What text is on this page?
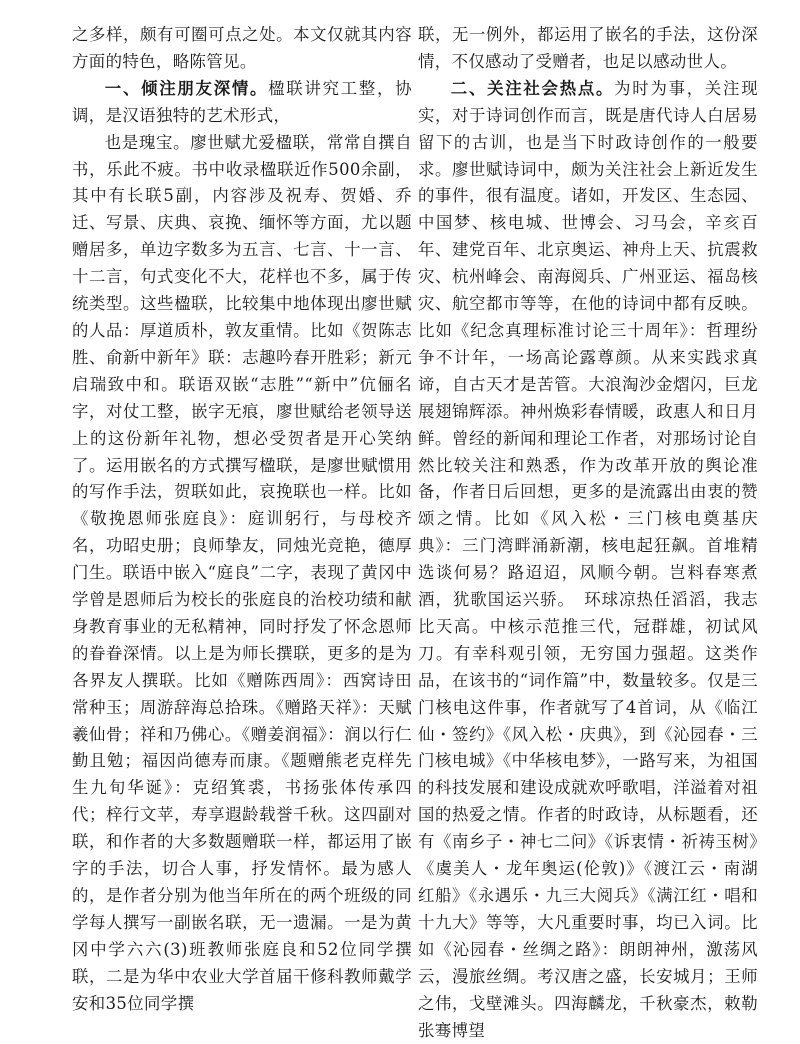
之多样，颇有可圈可点之处。本文仅就其内容方面的特色，略陈管见。

一、倾注朋友深情。楹联讲究工整，协调，是汉语独特的艺术形式，

也是瑰宝。廖世赋尤爱楹联，常常自撰自书，乐此不疲。书中收录楹联近作500余副，其中有长联5副，内容涉及祝寿、贺婚、乔迁、写景、庆典、哀挽、缅怀等方面，尤以题赠居多，单边字数多为五言、七言、十一言、十二言，句式变化不大，花样也不多，属于传统类型。这些楹联，比较集中地体现出廖世赋的人品：厚道质朴，敦友重情。比如《贺陈志胜、俞新中新年》联：志趣吟春开胜彩；新元启瑞致中和。联语双嵌“志胜”“新中”伉俪名字，对仗工整，嵌字无痕，廖世赋给老领导送上的这份新年礼物，想必受贺者是开心笑纳了。运用嵌名的方式撰写楹联，是廖世赋惯用的写作手法，贺联如此，哀挽联也一样。比如《敬挽恩师张庭良》：庭训躬行，与母校齐名，功昭史册；良师挚友，同烛光竞艳，德厚门生。联语中嵌入“庭良”二字，表现了黄冈中学曾是恩师后为校长的张庭良的治校功绩和献身教育事业的无私精神，同时抒发了怀念恩师的眷眷深情。以上是为师长撰联，更多的是为各界友人撰联。比如《赠陈西周》：西窝诗田常种玉；周游辞海总拾珠。《赠路天祥》：天赋羲仙骨；祥和乃佛心。《赠姜润福》：润以行仁勤且勉；福因尚德寿而康。《题赠熊老克样先生九旬华诞》：克绍箕裘，书扬张体传承四代；梓行文苹，寿享遐龄载誉千秋。这四副对联，和作者的大多数题赠联一样，都运用了嵌字的手法，切合人事，抒发情怀。最为感人的，是作者分别为他当年所在的两个班级的同学每人撰写一副嵌名联，无一遗漏。一是为黄冈中学六六(3)班教师张庭良和52位同学撰联，二是为华中农业大学首届干修科教师戴学安和35位同学撰

联，无一例外，都运用了嵌名的手法，这份深情，不仅感动了受赠者，也足以感动世人。

二、关注社会热点。为时为事，关注现实，对于诗词创作而言，既是唐代诗人白居易留下的古训，也是当下时政诗创作的一般要求。廖世赋诗词中，颇为关注社会上新近发生的事件，很有温度。诸如，开发区、生态园、中国梦、核电城、世博会、习马会，辛亥百年、建党百年、北京奥运、神舟上天、抗震救灾、杭州峰会、南海阅兵、广州亚运、福岛核灾、航空都市等等，在他的诗词中都有反映。比如《纪念真理标准讨论三十周年》：哲理纷争不计年，一场高论露尊颜。从来实践求真谛，自古天才是苦管。大浪淘沙金熠闪，巨龙展翅锦辉添。神州焕彩春情暖，政惠人和日月鲜。曾经的新闻和理论工作者，对那场讨论自然比较关注和熟悉，作为改革开放的舆论准备，作者日后回想，更多的是流露出由衷的赞颂之情。比如《风入松・三门核电奠基庆典》：三门湾畔涌新潮，核电起狂飙。首堆精选谈何易？路迢迢，风顺今朝。岂料春寒煮酒，犹歌国运兴骄。　环球凉热任滔滔，我志比天高。中核示范推三代，冠群雄，初试风刀。有幸科观引领，无穷国力强超。这类作品，在该书的“词作篇”中，数量较多。仅是三门核电这件事，作者就写了4首词，从《临江仙・签约》《风入松・庆典》，到《沁园春・三门核电城》《中华核电梦》，一路写来，为祖国的科技发展和建设成就欢呼歌唱，洋溢着对祖国的热爱之情。作者的时政诗，从标题看，还有《南乡子・神七二问》《诉衷情・祈祷玉树》《虞美人・龙年奥运(伦敦)》《渡江云・南湖红船》《永遇乐・九三大阅兵》《满江红・唱和十九大》等等，大凡重要时事，均已入词。比如《沁园春・丝绸之路》：朗朗神州，激荡风云，漫旅丝绸。考汉唐之盛，长安城月；王师之伟，戈壁滩头。四海麟龙，千秋豪杰，敕勒张骞博望
